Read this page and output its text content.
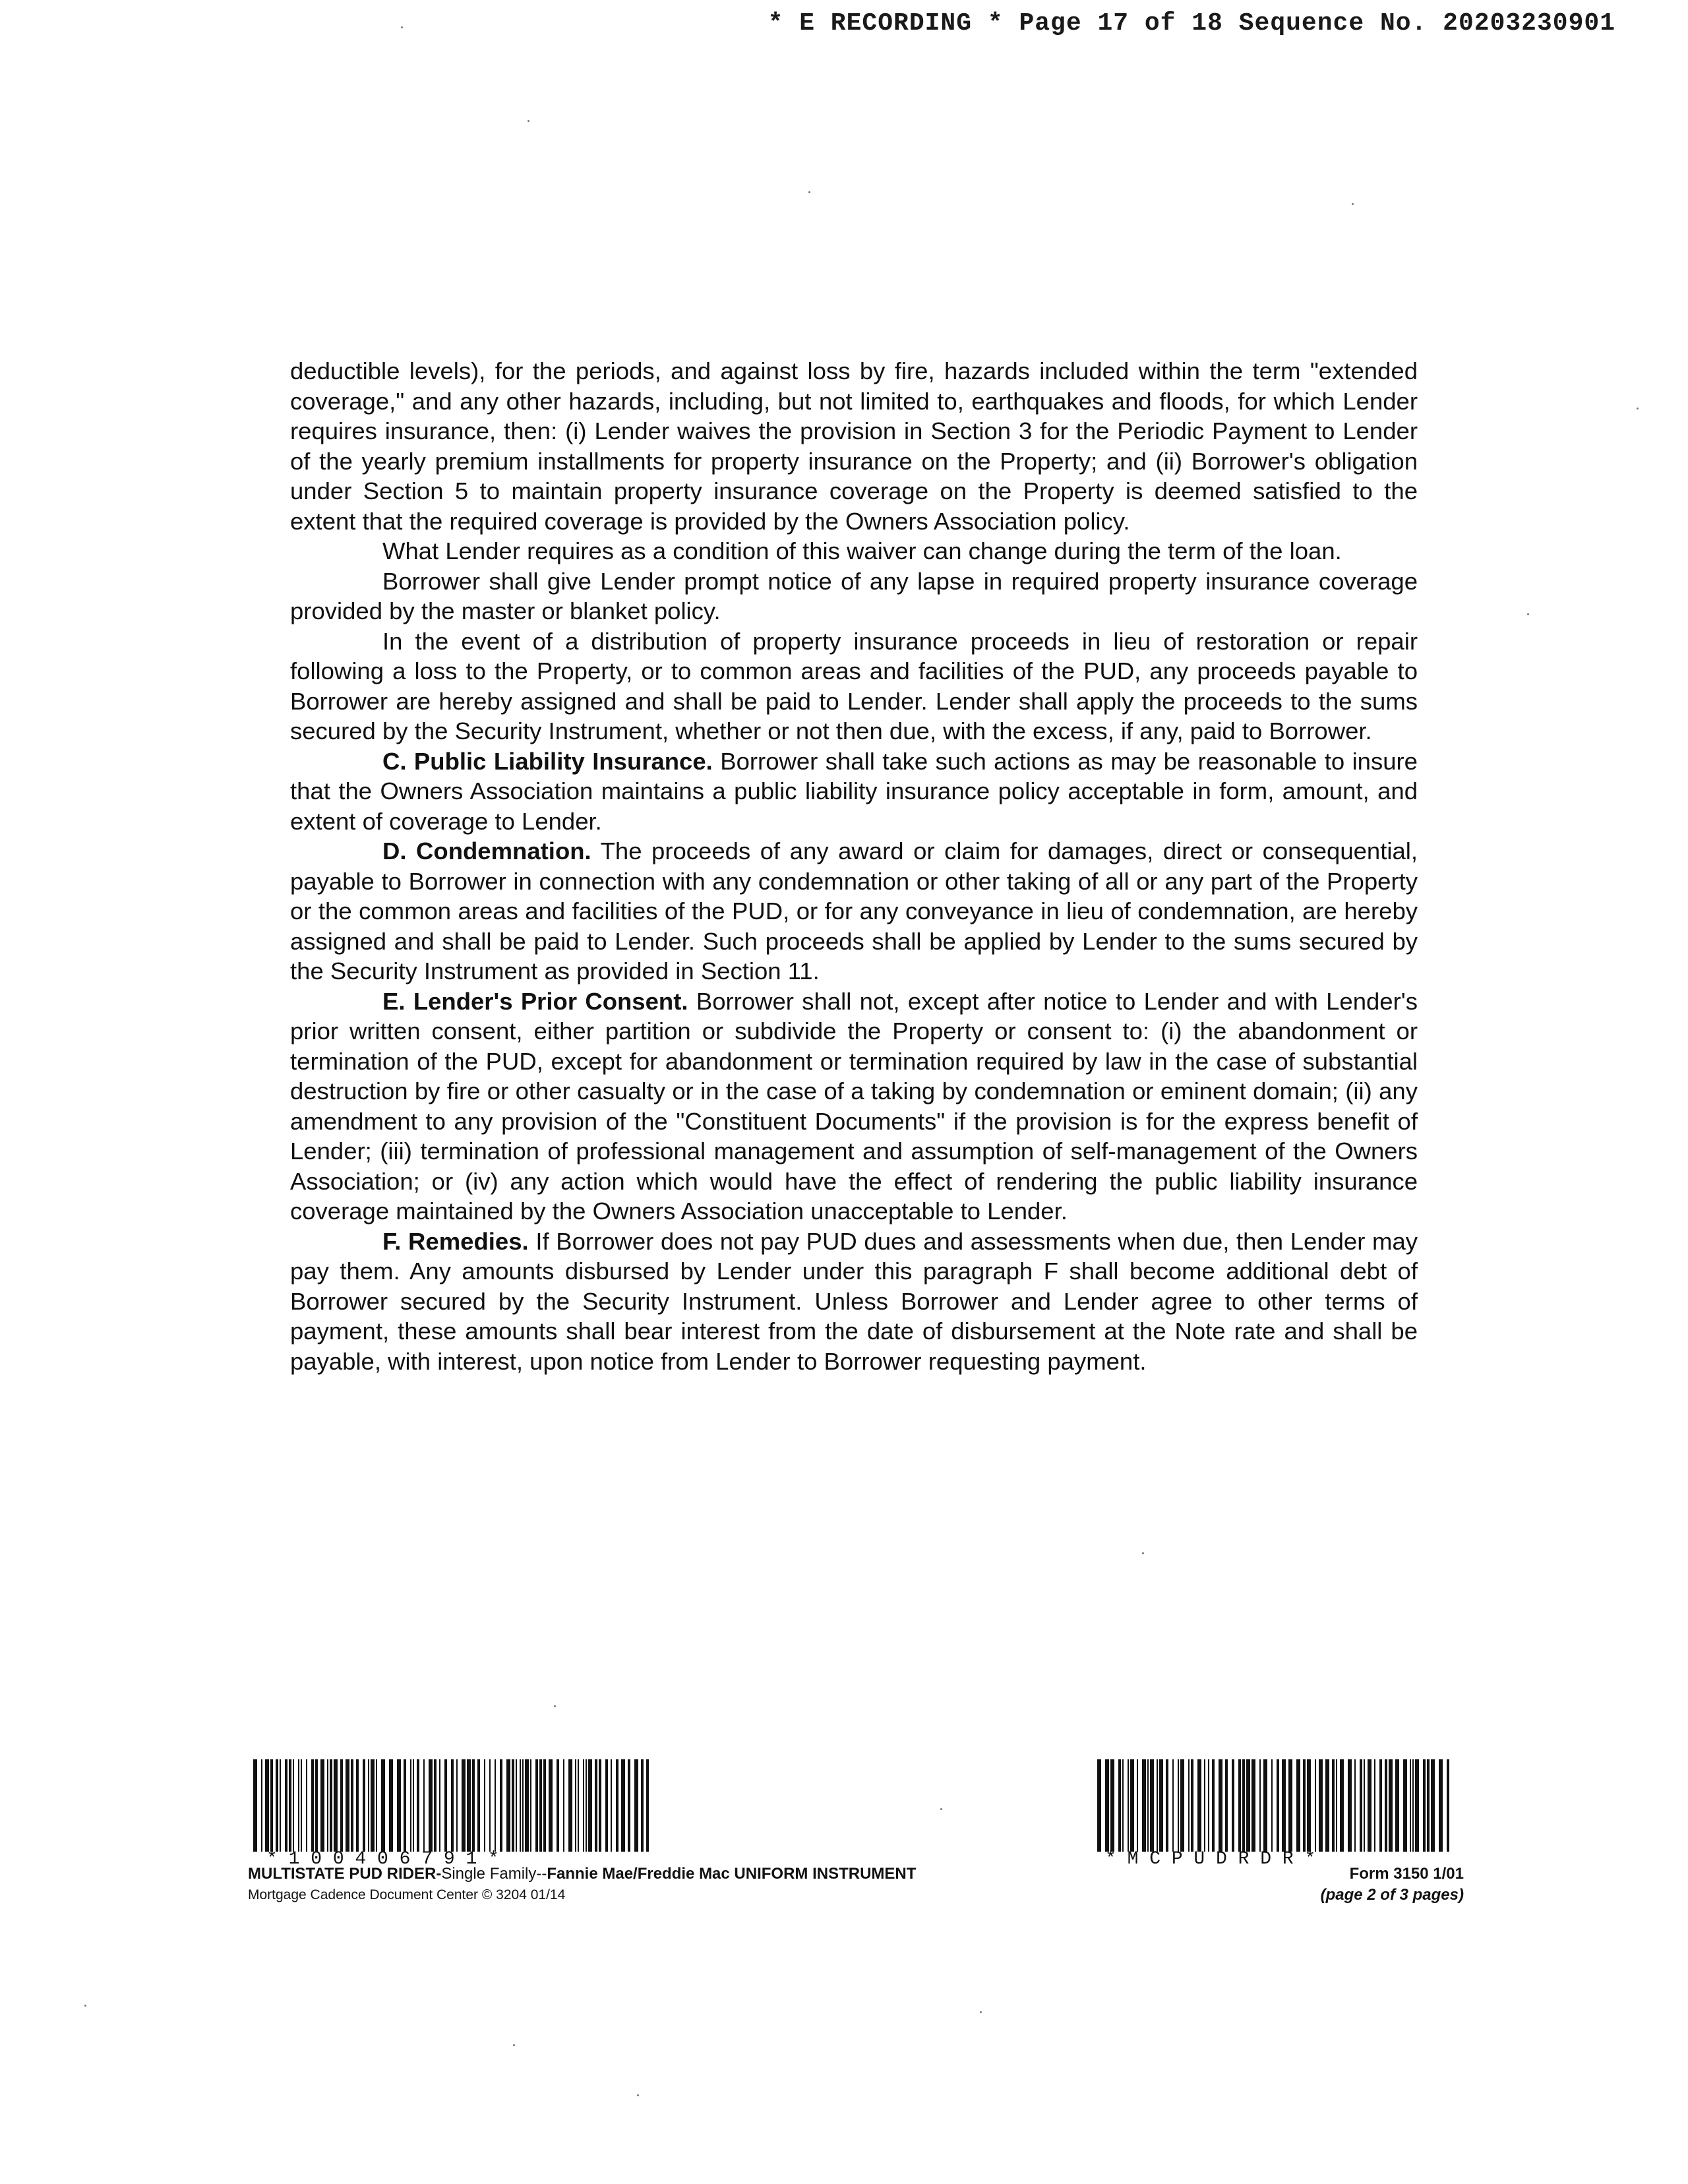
* E RECORDING * Page 17 of 18 Sequence No. 20203230901

deductible levels), for the periods, and against loss by fire, hazards included within the term "extended coverage," and any other hazards, including, but not limited to, earthquakes and floods, for which Lender requires insurance, then: (i) Lender waives the provision in Section 3 for the Periodic Payment to Lender of the yearly premium installments for property insurance on the Property; and (ii) Borrower's obligation under Section 5 to maintain property insurance coverage on the Property is deemed satisfied to the extent that the required coverage is provided by the Owners Association policy.

What Lender requires as a condition of this waiver can change during the term of the loan.

Borrower shall give Lender prompt notice of any lapse in required property insurance coverage provided by the master or blanket policy.

In the event of a distribution of property insurance proceeds in lieu of restoration or repair following a loss to the Property, or to common areas and facilities of the PUD, any proceeds payable to Borrower are hereby assigned and shall be paid to Lender. Lender shall apply the proceeds to the sums secured by the Security Instrument, whether or not then due, with the excess, if any, paid to Borrower.

C. Public Liability Insurance. Borrower shall take such actions as may be reasonable to insure that the Owners Association maintains a public liability insurance policy acceptable in form, amount, and extent of coverage to Lender.

D. Condemnation. The proceeds of any award or claim for damages, direct or consequential, payable to Borrower in connection with any condemnation or other taking of all or any part of the Property or the common areas and facilities of the PUD, or for any conveyance in lieu of condemnation, are hereby assigned and shall be paid to Lender. Such proceeds shall be applied by Lender to the sums secured by the Security Instrument as provided in Section 11.

E. Lender's Prior Consent. Borrower shall not, except after notice to Lender and with Lender's prior written consent, either partition or subdivide the Property or consent to: (i) the abandonment or termination of the PUD, except for abandonment or termination required by law in the case of substantial destruction by fire or other casualty or in the case of a taking by condemnation or eminent domain; (ii) any amendment to any provision of the "Constituent Documents" if the provision is for the express benefit of Lender; (iii) termination of professional management and assumption of self-management of the Owners Association; or (iv) any action which would have the effect of rendering the public liability insurance coverage maintained by the Owners Association unacceptable to Lender.

F. Remedies. If Borrower does not pay PUD dues and assessments when due, then Lender may pay them. Any amounts disbursed by Lender under this paragraph F shall become additional debt of Borrower secured by the Security Instrument. Unless Borrower and Lender agree to other terms of payment, these amounts shall bear interest from the date of disbursement at the Note rate and shall be payable, with interest, upon notice from Lender to Borrower requesting payment.

* 1 0 0 4 0 6 7 9 1 *	* M C P U D R D R *
MULTISTATE PUD RIDER-Single Family--Fannie Mae/Freddie Mac UNIFORM INSTRUMENT
Mortgage Cadence Document Center © 3204 01/14
Form 3150 1/01
(page 2 of 3 pages)
